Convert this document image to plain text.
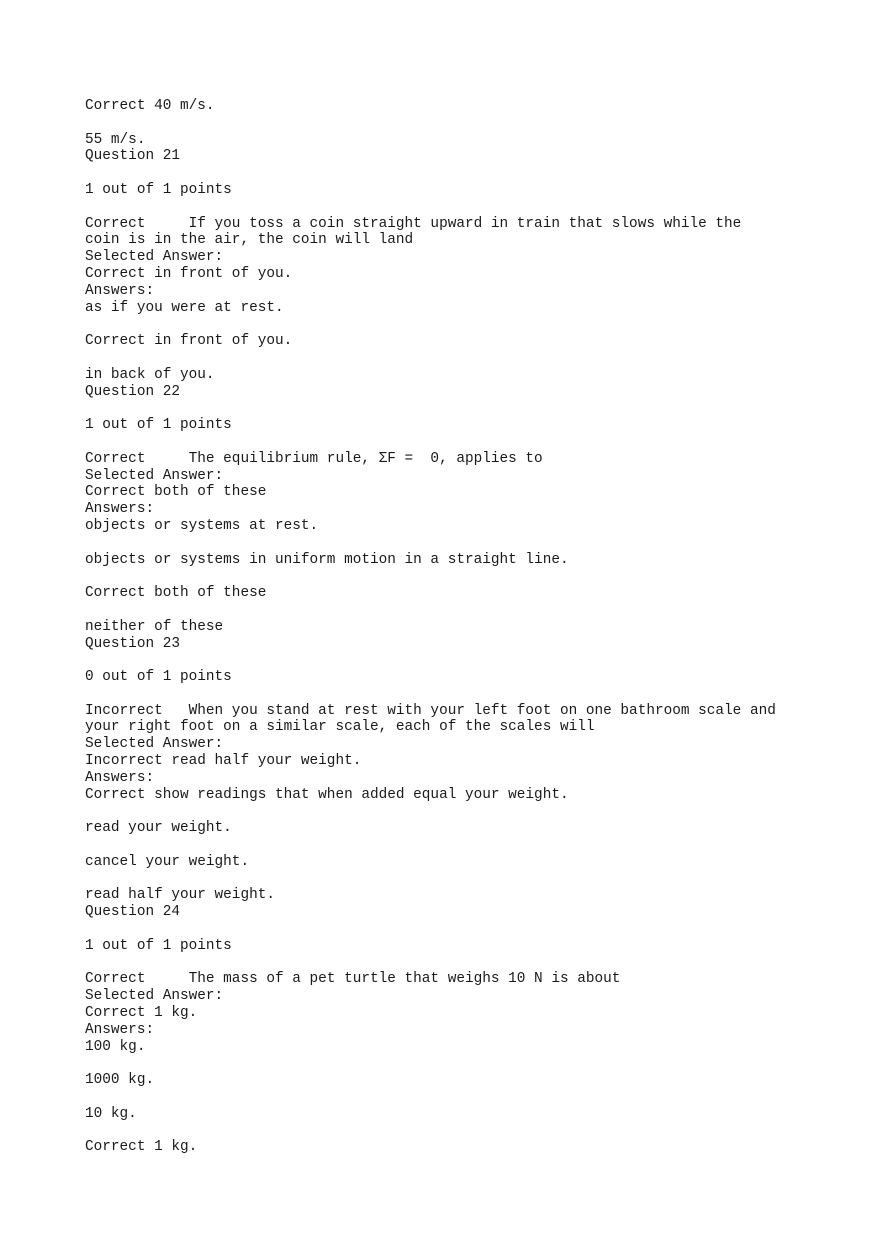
Correct 40 m/s.
55 m/s.
Question 21
1 out of 1 points
Correct     If you toss a coin straight upward in train that slows while the
coin is in the air, the coin will land
Selected Answer:
Correct in front of you.
Answers:
as if you were at rest.
Correct in front of you.
in back of you.
Question 22
1 out of 1 points
Correct     The equilibrium rule, ΣF =  0, applies to
Selected Answer:
Correct both of these
Answers:
objects or systems at rest.
objects or systems in uniform motion in a straight line.
Correct both of these
neither of these
Question 23
0 out of 1 points
Incorrect   When you stand at rest with your left foot on one bathroom scale and
your right foot on a similar scale, each of the scales will
Selected Answer:
Incorrect read half your weight.
Answers:
Correct show readings that when added equal your weight.
read your weight.
cancel your weight.
read half your weight.
Question 24
1 out of 1 points
Correct     The mass of a pet turtle that weighs 10 N is about
Selected Answer:
Correct 1 kg.
Answers:
100 kg.
1000 kg.
10 kg.
Correct 1 kg.
